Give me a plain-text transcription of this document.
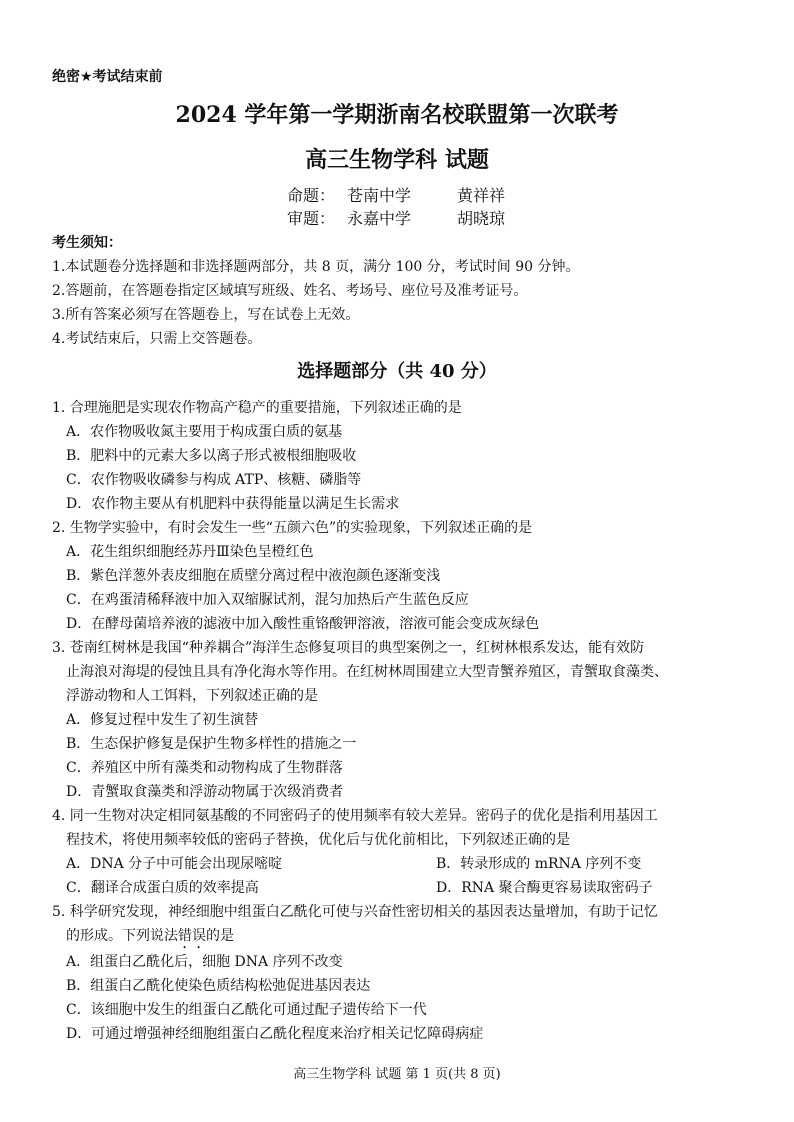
绝密★考试结束前
2024 学年第一学期浙南名校联盟第一次联考
高三生物学科 试题
命题： 苍南中学	黄祥祥
审题： 永嘉中学	胡晓琼
考生须知：
1.本试题卷分选择题和非选择题两部分，共 8 页，满分 100 分，考试时间 90 分钟。
2.答题前，在答题卷指定区域填写班级、姓名、考场号、座位号及准考证号。
3.所有答案必须写在答题卷上，写在试卷上无效。
4.考试结束后，只需上交答题卷。
选择题部分（共 40 分）
1. 合理施肥是实现农作物高产稳产的重要措施，下列叙述正确的是
A．农作物吸收氮主要用于构成蛋白质的氨基
B．肥料中的元素大多以离子形式被根细胞吸收
C．农作物吸收磷参与构成 ATP、核糖、磷脂等
D．农作物主要从有机肥料中获得能量以满足生长需求
2. 生物学实验中，有时会发生一些“五颜六色”的实验现象，下列叙述正确的是
A．花生组织细胞经苏丹Ⅲ染色呈橙红色
B．紫色洋葱外表皮细胞在质壁分离过程中液泡颜色逐渐变浅
C．在鸡蛋清稀释液中加入双缩脲试剂，混匀加热后产生蓝色反应
D．在酵母菌培养液的滤液中加入酸性重铬酸钾溶液，溶液可能会变成灰绿色
3. 苍南红树林是我国“种养耦合”海洋生态修复项目的典型案例之一，红树林根系发达，能有效防
止海浪对海堤的侵蚀且具有净化海水等作用。在红树林周围建立大型青蟹养殖区，青蟹取食藻类、
浮游动物和人工饵料，下列叙述正确的是
A．修复过程中发生了初生演替
B．生态保护修复是保护生物多样性的措施之一
C．养殖区中所有藻类和动物构成了生物群落
D．青蟹取食藻类和浮游动物属于次级消费者
4. 同一生物对决定相同氨基酸的不同密码子的使用频率有较大差异。密码子的优化是指利用基因工
程技术，将使用频率较低的密码子替换，优化后与优化前相比，下列叙述正确的是
A．DNA 分子中可能会出现尿嘧啶	B．转录形成的 mRNA 序列不变
C．翻译合成蛋白质的效率提高	D．RNA 聚合酶更容易读取密码子
5. 科学研究发现，神经细胞中组蛋白乙酰化可使与兴奋性密切相关的基因表达量增加，有助于记忆
的形成。下列说法错误的是
A．组蛋白乙酰化后，细胞 DNA 序列不改变
B．组蛋白乙酰化使染色质结构松弛促进基因表达
C．该细胞中发生的组蛋白乙酰化可通过配子遗传给下一代
D．可通过增强神经细胞组蛋白乙酰化程度来治疗相关记忆障碍病症
高三生物学科 试题 第 1 页(共 8 页)
